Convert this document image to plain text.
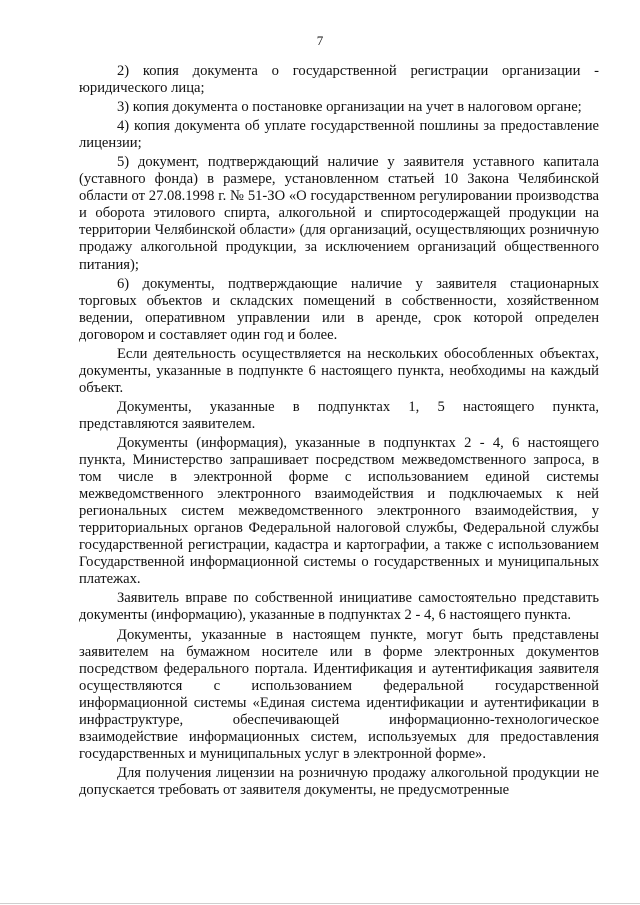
7

2) копия документа о государственной регистрации организации - юридического лица;

3) копия документа о постановке организации на учет в налоговом органе;

4) копия документа об уплате государственной пошлины за предоставление лицензии;

5) документ, подтверждающий наличие у заявителя уставного капитала (уставного фонда) в размере, установленном статьей 10 Закона Челябинской области от 27.08.1998 г. № 51-ЗО «О государственном регулировании производства и оборота этилового спирта, алкогольной и спиртосодержащей продукции на территории Челябинской области» (для организаций, осуществляющих розничную продажу алкогольной продукции, за исключением организаций общественного питания);

6) документы, подтверждающие наличие у заявителя стационарных торговых объектов и складских помещений в собственности, хозяйственном ведении, оперативном управлении или в аренде, срок которой определен договором и составляет один год и более.

Если деятельность осуществляется на нескольких обособленных объектах, документы, указанные в подпункте 6 настоящего пункта, необходимы на каждый объект.

Документы, указанные в подпунктах 1, 5 настоящего пункта, представляются заявителем.

Документы (информация), указанные в подпунктах 2 - 4, 6 настоящего пункта, Министерство запрашивает посредством межведомственного запроса, в том числе в электронной форме с использованием единой системы межведомственного электронного взаимодействия и подключаемых к ней региональных систем межведомственного электронного взаимодействия, у территориальных органов Федеральной налоговой службы, Федеральной службы государственной регистрации, кадастра и картографии, а также с использованием Государственной информационной системы о государственных и муниципальных платежах.

Заявитель вправе по собственной инициативе самостоятельно представить документы (информацию), указанные в подпунктах 2 - 4, 6 настоящего пункта.

Документы, указанные в настоящем пункте, могут быть представлены заявителем на бумажном носителе или в форме электронных документов посредством федерального портала. Идентификация и аутентификация заявителя осуществляются с использованием федеральной государственной информационной системы «Единая система идентификации и аутентификации в инфраструктуре, обеспечивающей информационно-технологическое взаимодействие информационных систем, используемых для предоставления государственных и муниципальных услуг в электронной форме».

Для получения лицензии на розничную продажу алкогольной продукции не допускается требовать от заявителя документы, не предусмотренные
